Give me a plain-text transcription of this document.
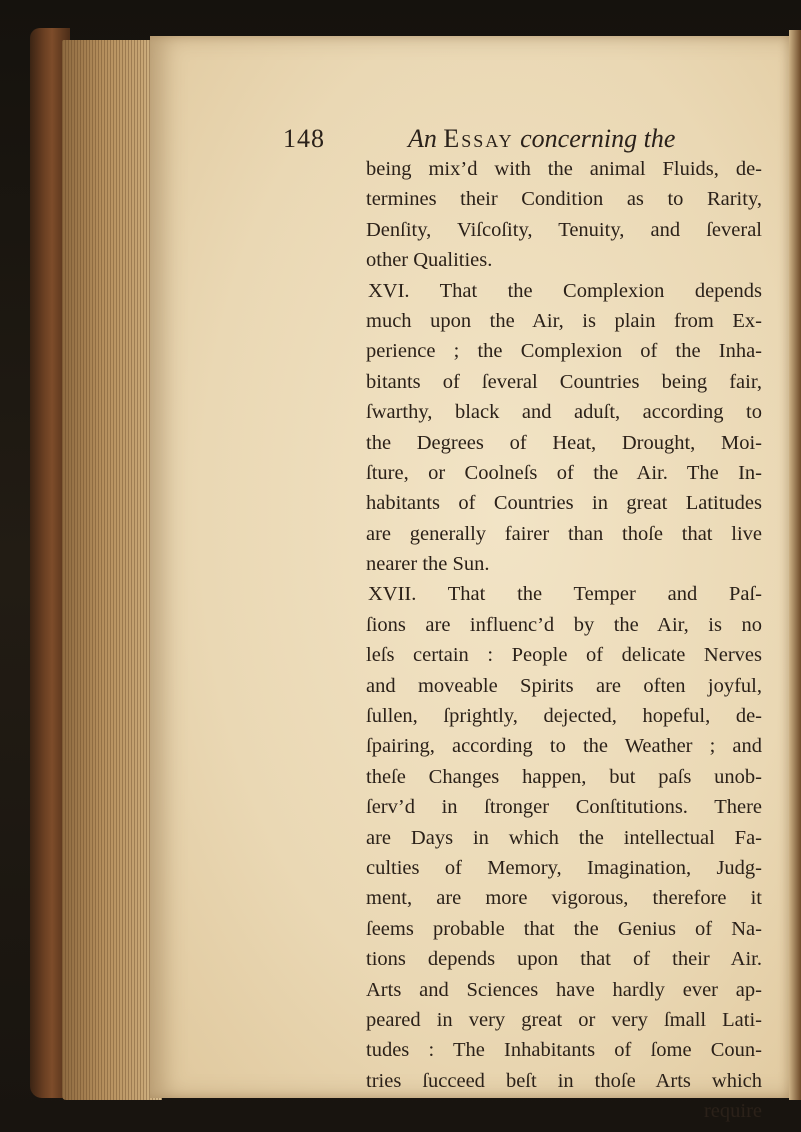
148	An Essay concerning the
being mix’d with the animal Fluids, de-
termines their Condition as to Rarity,
Denſity, Viſcoſity, Tenuity, and ſeveral
other Qualities.
XVI. That the Complexion depends
much upon the Air, is plain from Ex-
perience ; the Complexion of the Inha-
bitants of ſeveral Countries being fair,
ſwarthy, black and aduſt, according to
the Degrees of Heat, Drought, Moi-
ſture, or Coolneſs of the Air. The In-
habitants of Countries in great Latitudes
are generally fairer than thoſe that live
nearer the Sun.
XVII. That the Temper and Paſ-
ſions are influenc’d by the Air, is no
leſs certain : People of delicate Nerves
and moveable Spirits are often joyful,
ſullen, ſprightly, dejected, hopeful, de-
ſpairing, according to the Weather ; and
theſe Changes happen, but paſs unob-
ſerv’d in ſtronger Conſtitutions. There
are Days in which the intellectual Fa-
culties of Memory, Imagination, Judg-
ment, are more vigorous, therefore it
ſeems probable that the Genius of Na-
tions depends upon that of their Air.
Arts and Sciences have hardly ever ap-
peared in very great or very ſmall Lati-
tudes : The Inhabitants of ſome Coun-
tries ſucceed beſt in thoſe Arts which
require
